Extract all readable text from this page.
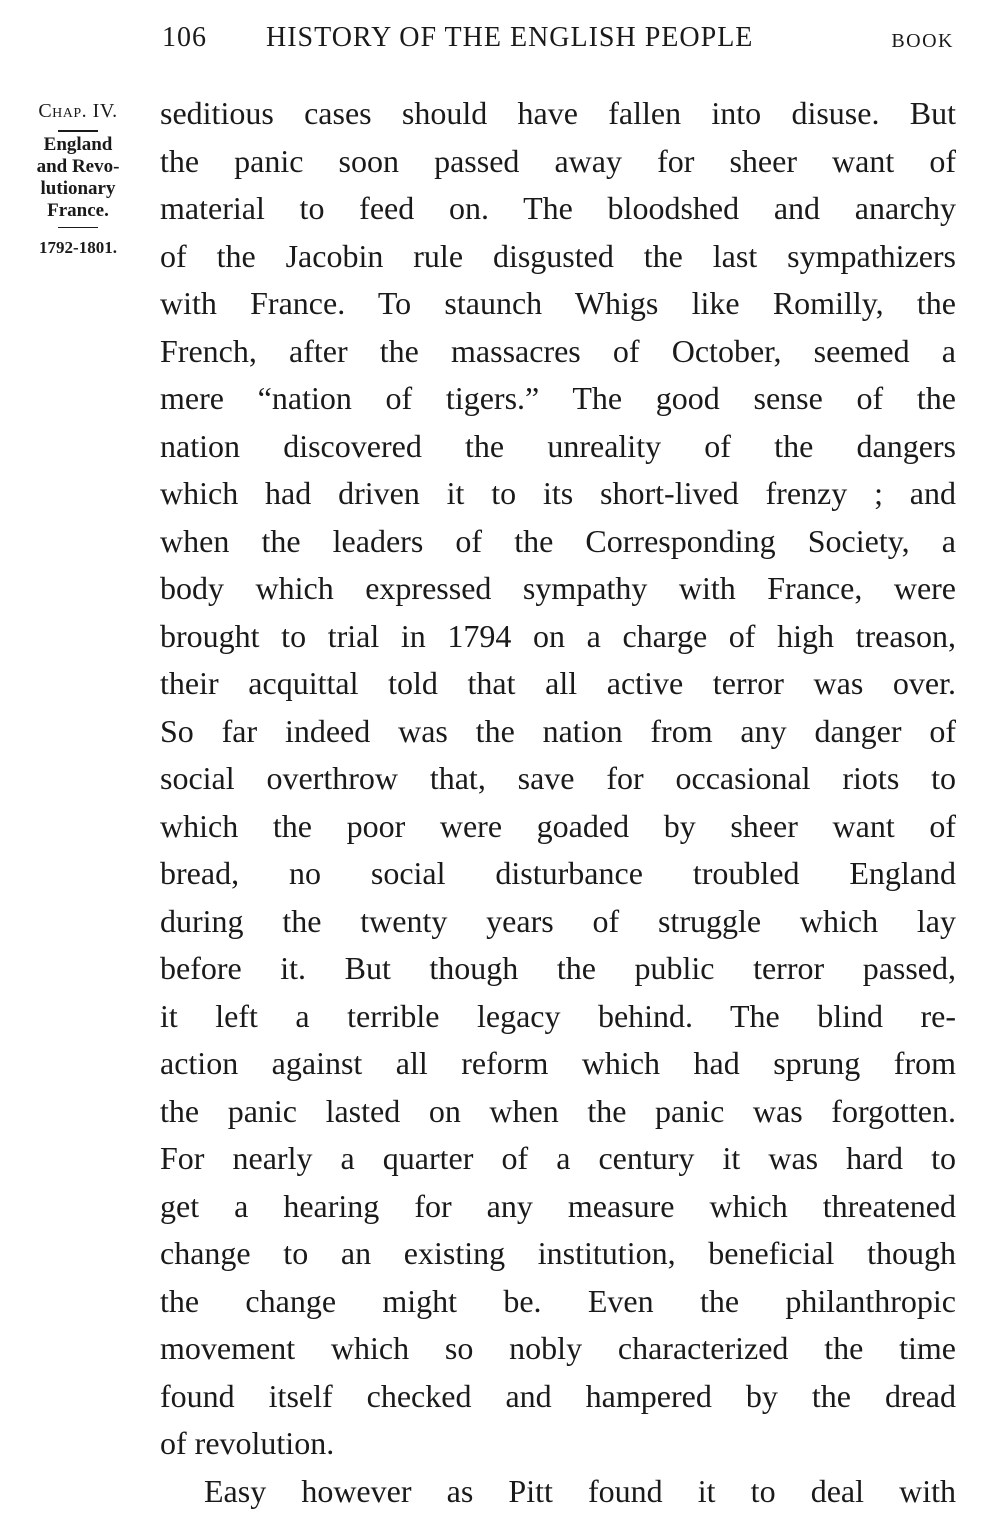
106 HISTORY OF THE ENGLISH PEOPLE	BOOK
Chap. IV.
England
and Revo-
lutionary
France.
1792-1801.
seditious cases should have fallen into disuse. But
the panic soon passed away for sheer want of
material to feed on. The bloodshed and anarchy
of the Jacobin rule disgusted the last sympathizers
with France. To staunch Whigs like Romilly, the
French, after the massacres of October, seemed a
mere “nation of tigers.” The good sense of the
nation discovered the unreality of the dangers
which had driven it to its short-lived frenzy ; and
when the leaders of the Corresponding Society, a
body which expressed sympathy with France, were
brought to trial in 1794 on a charge of high treason,
their acquittal told that all active terror was over.
So far indeed was the nation from any danger of
social overthrow that, save for occasional riots to
which the poor were goaded by sheer want of
bread, no social disturbance troubled England
during the twenty years of struggle which lay
before it. But though the public terror passed,
it left a terrible legacy behind. The blind re-
action against all reform which had sprung from
the panic lasted on when the panic was forgotten.
For nearly a quarter of a century it was hard to
get a hearing for any measure which threatened
change to an existing institution, beneficial though
the change might be. Even the philanthropic
movement which so nobly characterized the time
found itself checked and hampered by the dread
of revolution.
Easy however as Pitt found it to deal with
